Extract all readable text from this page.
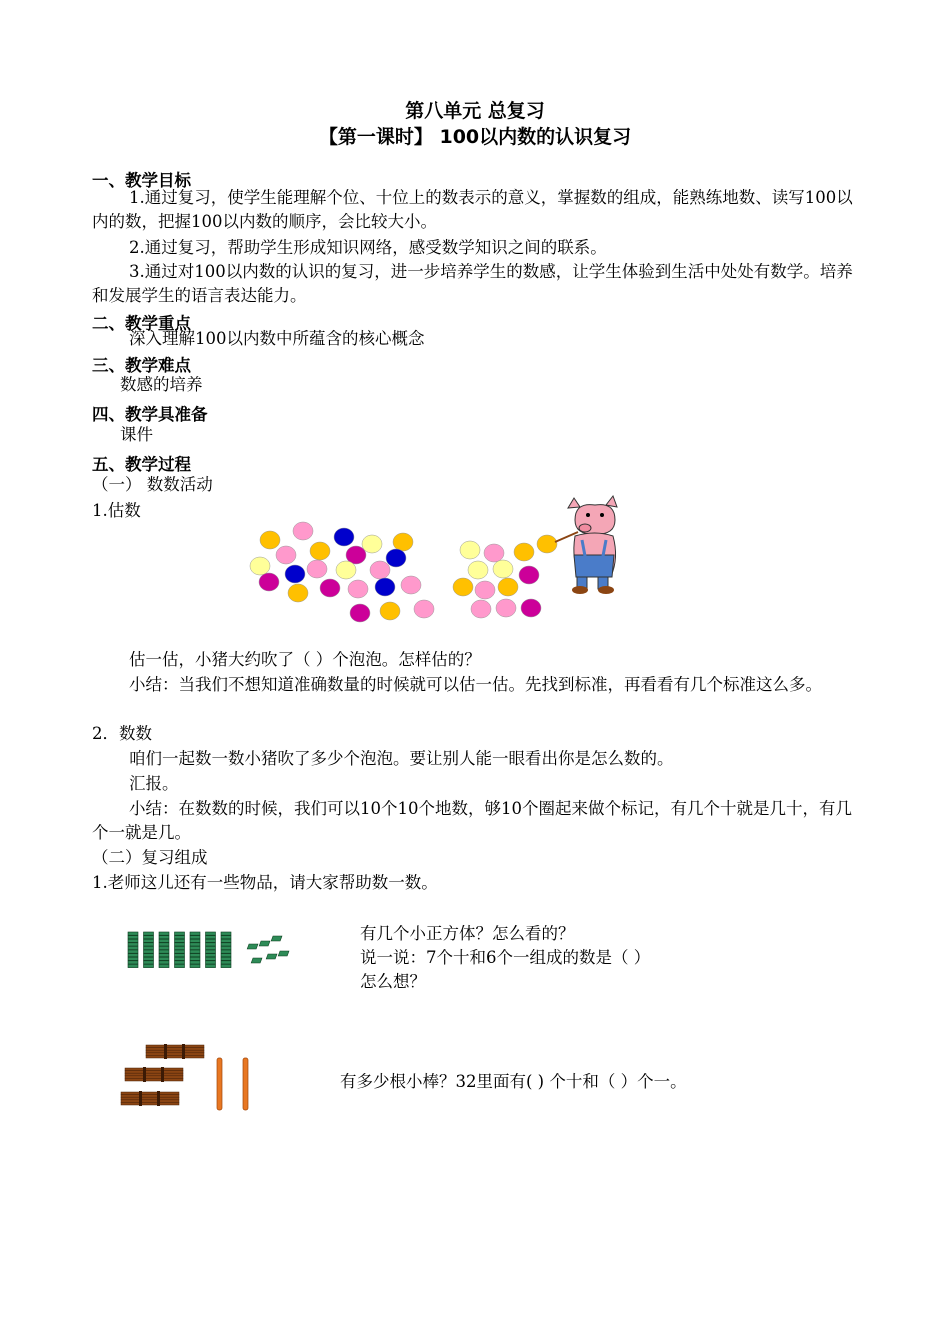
第八单元 总复习
【第一课时】 100以内数的认识复习
一、教学目标
1.通过复习，使学生能理解个位、十位上的数表示的意义，掌握数的组成，能熟练地数、读写100以内的数，把握100以内数的顺序，会比较大小。
2.通过复习，帮助学生形成知识网络，感受数学知识之间的联系。
3.通过对100以内数的认识的复习，进一步培养学生的数感，让学生体验到生活中处处有数学。培养和发展学生的语言表达能力。
二、教学重点
深入理解100以内数中所蕴含的核心概念
三、教学难点
数感的培养
四、教学具准备
课件
五、教学过程
（一） 数数活动
1.估数
估一估，小猪大约吹了（ ）个泡泡。怎样估的？
小结：当我们不想知道准确数量的时候就可以估一估。先找到标准，再看看有几个标准这么多。
2．数数
咱们一起数一数小猪吹了多少个泡泡。要让别人能一眼看出你是怎么数的。
汇报。
小结：在数数的时候，我们可以10个10个地数，够10个圈起来做个标记，有几个十就是几十，有几个一就是几。
（二）复习组成
1.老师这儿还有一些物品，请大家帮助数一数。
有几个小正方体？怎么看的？
说一说：7个十和6个一组成的数是（ ）
怎么想？
有多少根小棒？32里面有( ) 个十和（ ）个一。
